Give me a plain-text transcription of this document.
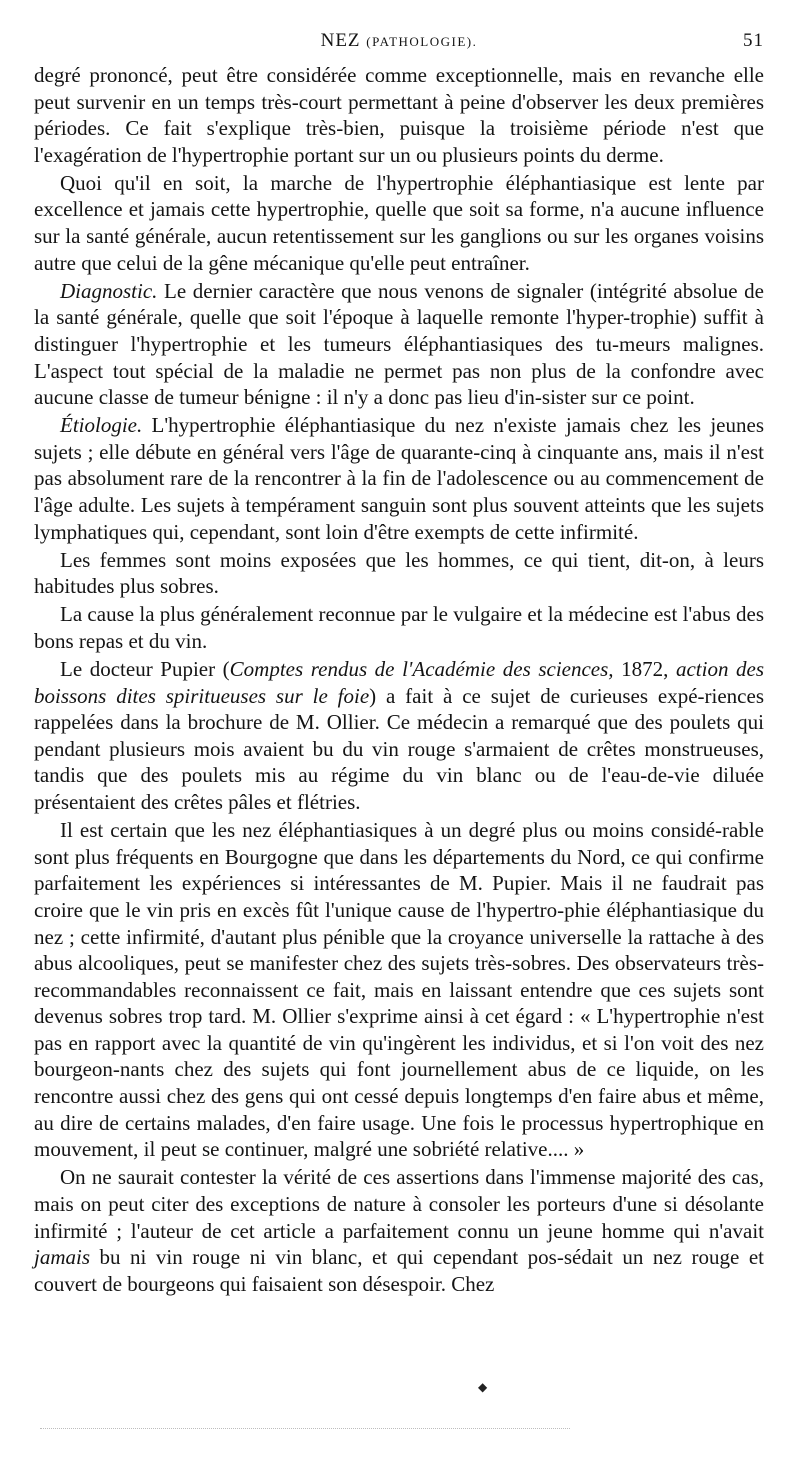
NEZ (PATHOLOGIE).	51

degré prononcé, peut être considérée comme exceptionnelle, mais en revanche elle peut survenir en un temps très-court permettant à peine d'observer les deux premières périodes. Ce fait s'explique très-bien, puisque la troisième période n'est que l'exagération de l'hypertrophie portant sur un ou plusieurs points du derme.

Quoi qu'il en soit, la marche de l'hypertrophie éléphantiasique est lente par excellence et jamais cette hypertrophie, quelle que soit sa forme, n'a aucune influence sur la santé générale, aucun retentissement sur les ganglions ou sur les organes voisins autre que celui de la gêne mécanique qu'elle peut entraîner.

Diagnostic. Le dernier caractère que nous venons de signaler (intégrité absolue de la santé générale, quelle que soit l'époque à laquelle remonte l'hyper-trophie) suffit à distinguer l'hypertrophie et les tumeurs éléphantiasiques des tu-meurs malignes. L'aspect tout spécial de la maladie ne permet pas non plus de la confondre avec aucune classe de tumeur bénigne : il n'y a donc pas lieu d'in-sister sur ce point.

Étiologie. L'hypertrophie éléphantiasique du nez n'existe jamais chez les jeunes sujets ; elle débute en général vers l'âge de quarante-cinq à cinquante ans, mais il n'est pas absolument rare de la rencontrer à la fin de l'adolescence ou au commencement de l'âge adulte. Les sujets à tempérament sanguin sont plus souvent atteints que les sujets lymphatiques qui, cependant, sont loin d'être exempts de cette infirmité.

Les femmes sont moins exposées que les hommes, ce qui tient, dit-on, à leurs habitudes plus sobres.

La cause la plus généralement reconnue par le vulgaire et la médecine est l'abus des bons repas et du vin.

Le docteur Pupier (Comptes rendus de l'Académie des sciences, 1872, action des boissons dites spiritueuses sur le foie) a fait à ce sujet de curieuses expé-riences rappelées dans la brochure de M. Ollier. Ce médecin a remarqué que des poulets qui pendant plusieurs mois avaient bu du vin rouge s'armaient de crêtes monstrueuses, tandis que des poulets mis au régime du vin blanc ou de l'eau-de-vie diluée présentaient des crêtes pâles et flétries.

Il est certain que les nez éléphantiasiques à un degré plus ou moins considé-rable sont plus fréquents en Bourgogne que dans les départements du Nord, ce qui confirme parfaitement les expériences si intéressantes de M. Pupier. Mais il ne faudrait pas croire que le vin pris en excès fût l'unique cause de l'hypertro-phie éléphantiasique du nez ; cette infirmité, d'autant plus pénible que la croyance universelle la rattache à des abus alcooliques, peut se manifester chez des sujets très-sobres. Des observateurs très-recommandables reconnaissent ce fait, mais en laissant entendre que ces sujets sont devenus sobres trop tard. M. Ollier s'exprime ainsi à cet égard : « L'hypertrophie n'est pas en rapport avec la quantité de vin qu'ingèrent les individus, et si l'on voit des nez bourgeon-nants chez des sujets qui font journellement abus de ce liquide, on les rencontre aussi chez des gens qui ont cessé depuis longtemps d'en faire abus et même, au dire de certains malades, d'en faire usage. Une fois le processus hypertrophique en mouvement, il peut se continuer, malgré une sobriété relative.... »

On ne saurait contester la vérité de ces assertions dans l'immense majorité des cas, mais on peut citer des exceptions de nature à consoler les porteurs d'une si désolante infirmité ; l'auteur de cet article a parfaitement connu un jeune homme qui n'avait jamais bu ni vin rouge ni vin blanc, et qui cependant pos-sédait un nez rouge et couvert de bourgeons qui faisaient son désespoir. Chez

◆
